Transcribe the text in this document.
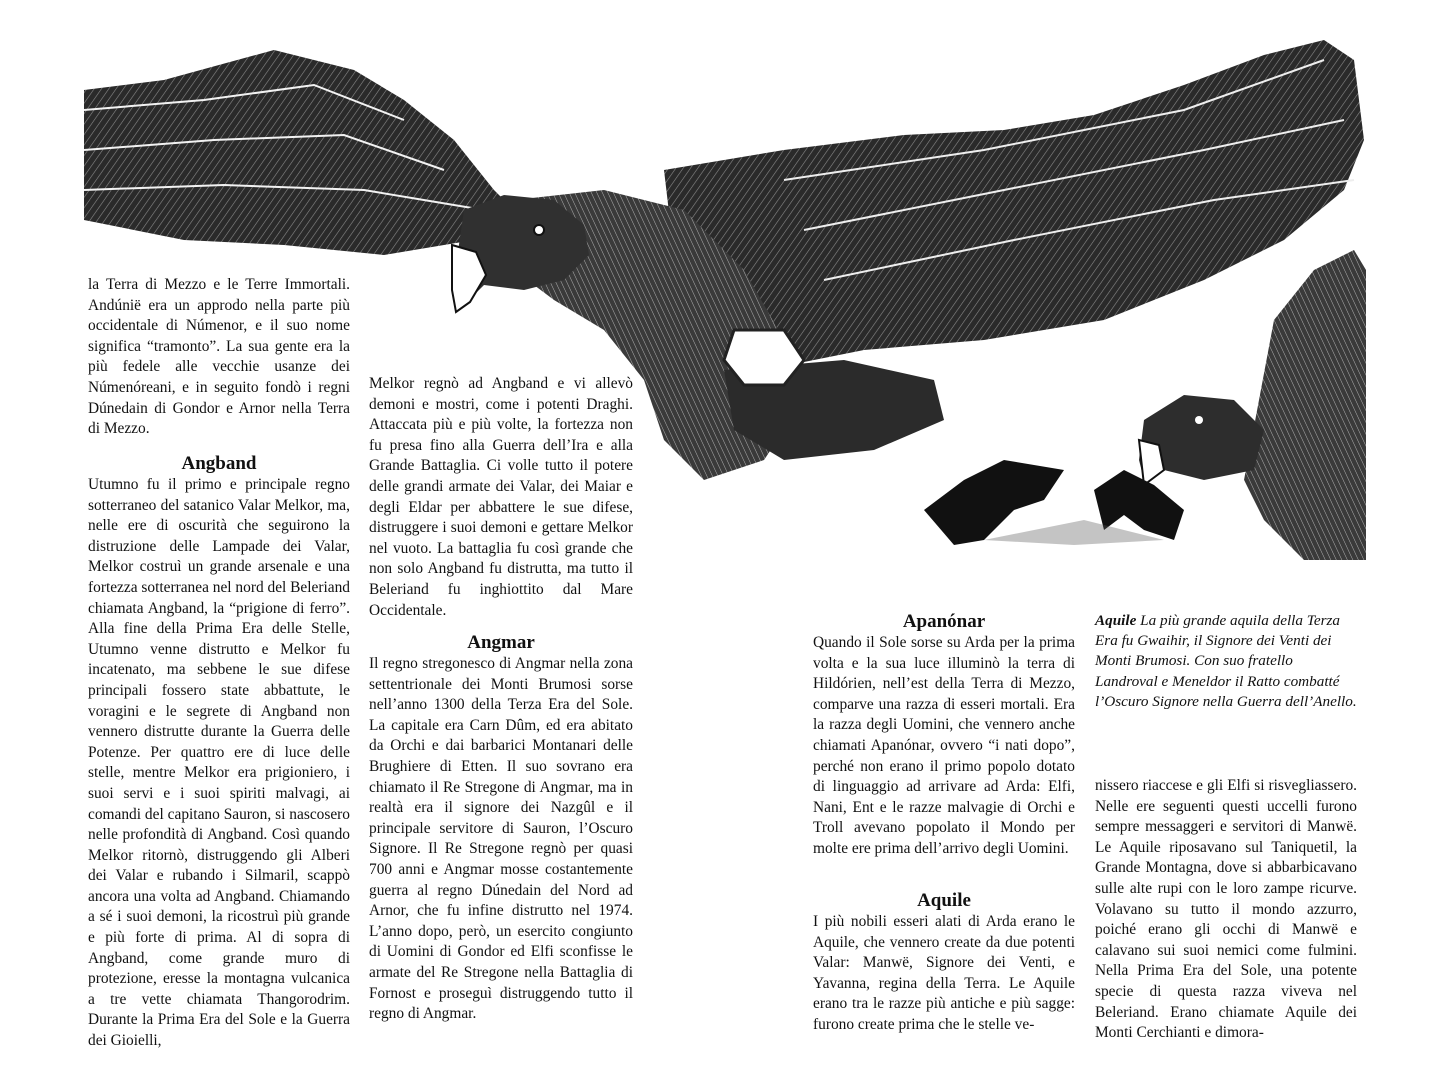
la Terra di Mezzo e le Terre Immortali. Andúnië era un approdo nella parte più occidentale di Númenor, e il suo nome significa “tramonto”. La sua gente era la più fedele alle vecchie usanze dei Númenóreani, e in seguito fondò i regni Dúnedain di Gondor e Arnor nella Terra di Mezzo.

Angband

Utumno fu il primo e principale regno sotterraneo del satanico Valar Melkor, ma, nelle ere di oscurità che seguirono la distruzione delle Lampade dei Valar, Melkor costruì un grande arsenale e una fortezza sotterranea nel nord del Beleriand chiamata Angband, la “prigione di ferro”. Alla fine della Prima Era delle Stelle, Utumno venne distrutto e Melkor fu incatenato, ma sebbene le sue difese principali fossero state abbattute, le voragini e le segrete di Angband non vennero distrutte durante la Guerra delle Potenze. Per quattro ere di luce delle stelle, mentre Melkor era prigioniero, i suoi servi e i suoi spiriti malvagi, ai comandi del capitano Sauron, si nascosero nelle profondità di Angband. Così quando Melkor ritornò, distruggendo gli Alberi dei Valar e rubando i Silmaril, scappò ancora una volta ad Angband. Chiamando a sé i suoi demoni, la ricostruì più grande e più forte di prima. Al di sopra di Angband, come grande muro di protezione, eresse la montagna vulcanica a tre vette chiamata Thangorodrim. Durante la Prima Era del Sole e la Guerra dei Gioielli,

Melkor regnò ad Angband e vi allevò demoni e mostri, come i potenti Draghi. Attaccata più e più volte, la fortezza non fu presa fino alla Guerra dell’Ira e alla Grande Battaglia. Ci volle tutto il potere delle grandi armate dei Valar, dei Maiar e degli Eldar per abbattere le sue difese, distruggere i suoi demoni e gettare Melkor nel vuoto. La battaglia fu così grande che non solo Angband fu distrutta, ma tutto il Beleriand fu inghiottito dal Mare Occidentale.

Angmar

Il regno stregonesco di Angmar nella zona settentrionale dei Monti Brumosi sorse nell’anno 1300 della Terza Era del Sole. La capitale era Carn Dûm, ed era abitato da Orchi e dai barbarici Montanari delle Brughiere di Etten. Il suo sovrano era chiamato il Re Stregone di Angmar, ma in realtà era il signore dei Nazgûl e il principale servitore di Sauron, l’Oscuro Signore. Il Re Stregone regnò per quasi 700 anni e Angmar mosse costantemente guerra al regno Dúnedain del Nord ad Arnor, che fu infine distrutto nel 1974. L’anno dopo, però, un esercito congiunto di Uomini di Gondor ed Elfi sconfisse le armate del Re Stregone nella Battaglia di Fornost e proseguì distruggendo tutto il regno di Angmar.

Apanónar

Quando il Sole sorse su Arda per la prima volta e la sua luce illuminò la terra di Hildórien, nell’est della Terra di Mezzo, comparve una razza di esseri mortali. Era la razza degli Uomini, che vennero anche chiamati Apanónar, ovvero “i nati dopo”, perché non erano il primo popolo dotato di linguaggio ad arrivare ad Arda: Elfi, Nani, Ent e le razze malvagie di Orchi e Troll avevano popolato il Mondo per molte ere prima dell’arrivo degli Uomini.

Aquile

I più nobili esseri alati di Arda erano le Aquile, che vennero create da due potenti Valar: Manwë, Signore dei Venti, e Yavanna, regina della Terra. Le Aquile erano tra le razze più antiche e più sagge: furono create prima che le stelle ve-

Aquile La più grande aquila della Terza Era fu Gwaihir, il Signore dei Venti dei Monti Brumosi. Con suo fratello Landroval e Meneldor il Ratto combatté l’Oscuro Signore nella Guerra dell’Anello.

nissero riaccese e gli Elfi si risvegliassero. Nelle ere seguenti questi uccelli furono sempre messaggeri e servitori di Manwë. Le Aquile riposavano sul Taniquetil, la Grande Montagna, dove si abbarbicavano sulle alte rupi con le loro zampe ricurve. Volavano su tutto il mondo azzurro, poiché erano gli occhi di Manwë e calavano sui suoi nemici come fulmini. Nella Prima Era del Sole, una potente specie di questa razza viveva nel Beleriand. Erano chiamate Aquile dei Monti Cerchianti e dimora-
